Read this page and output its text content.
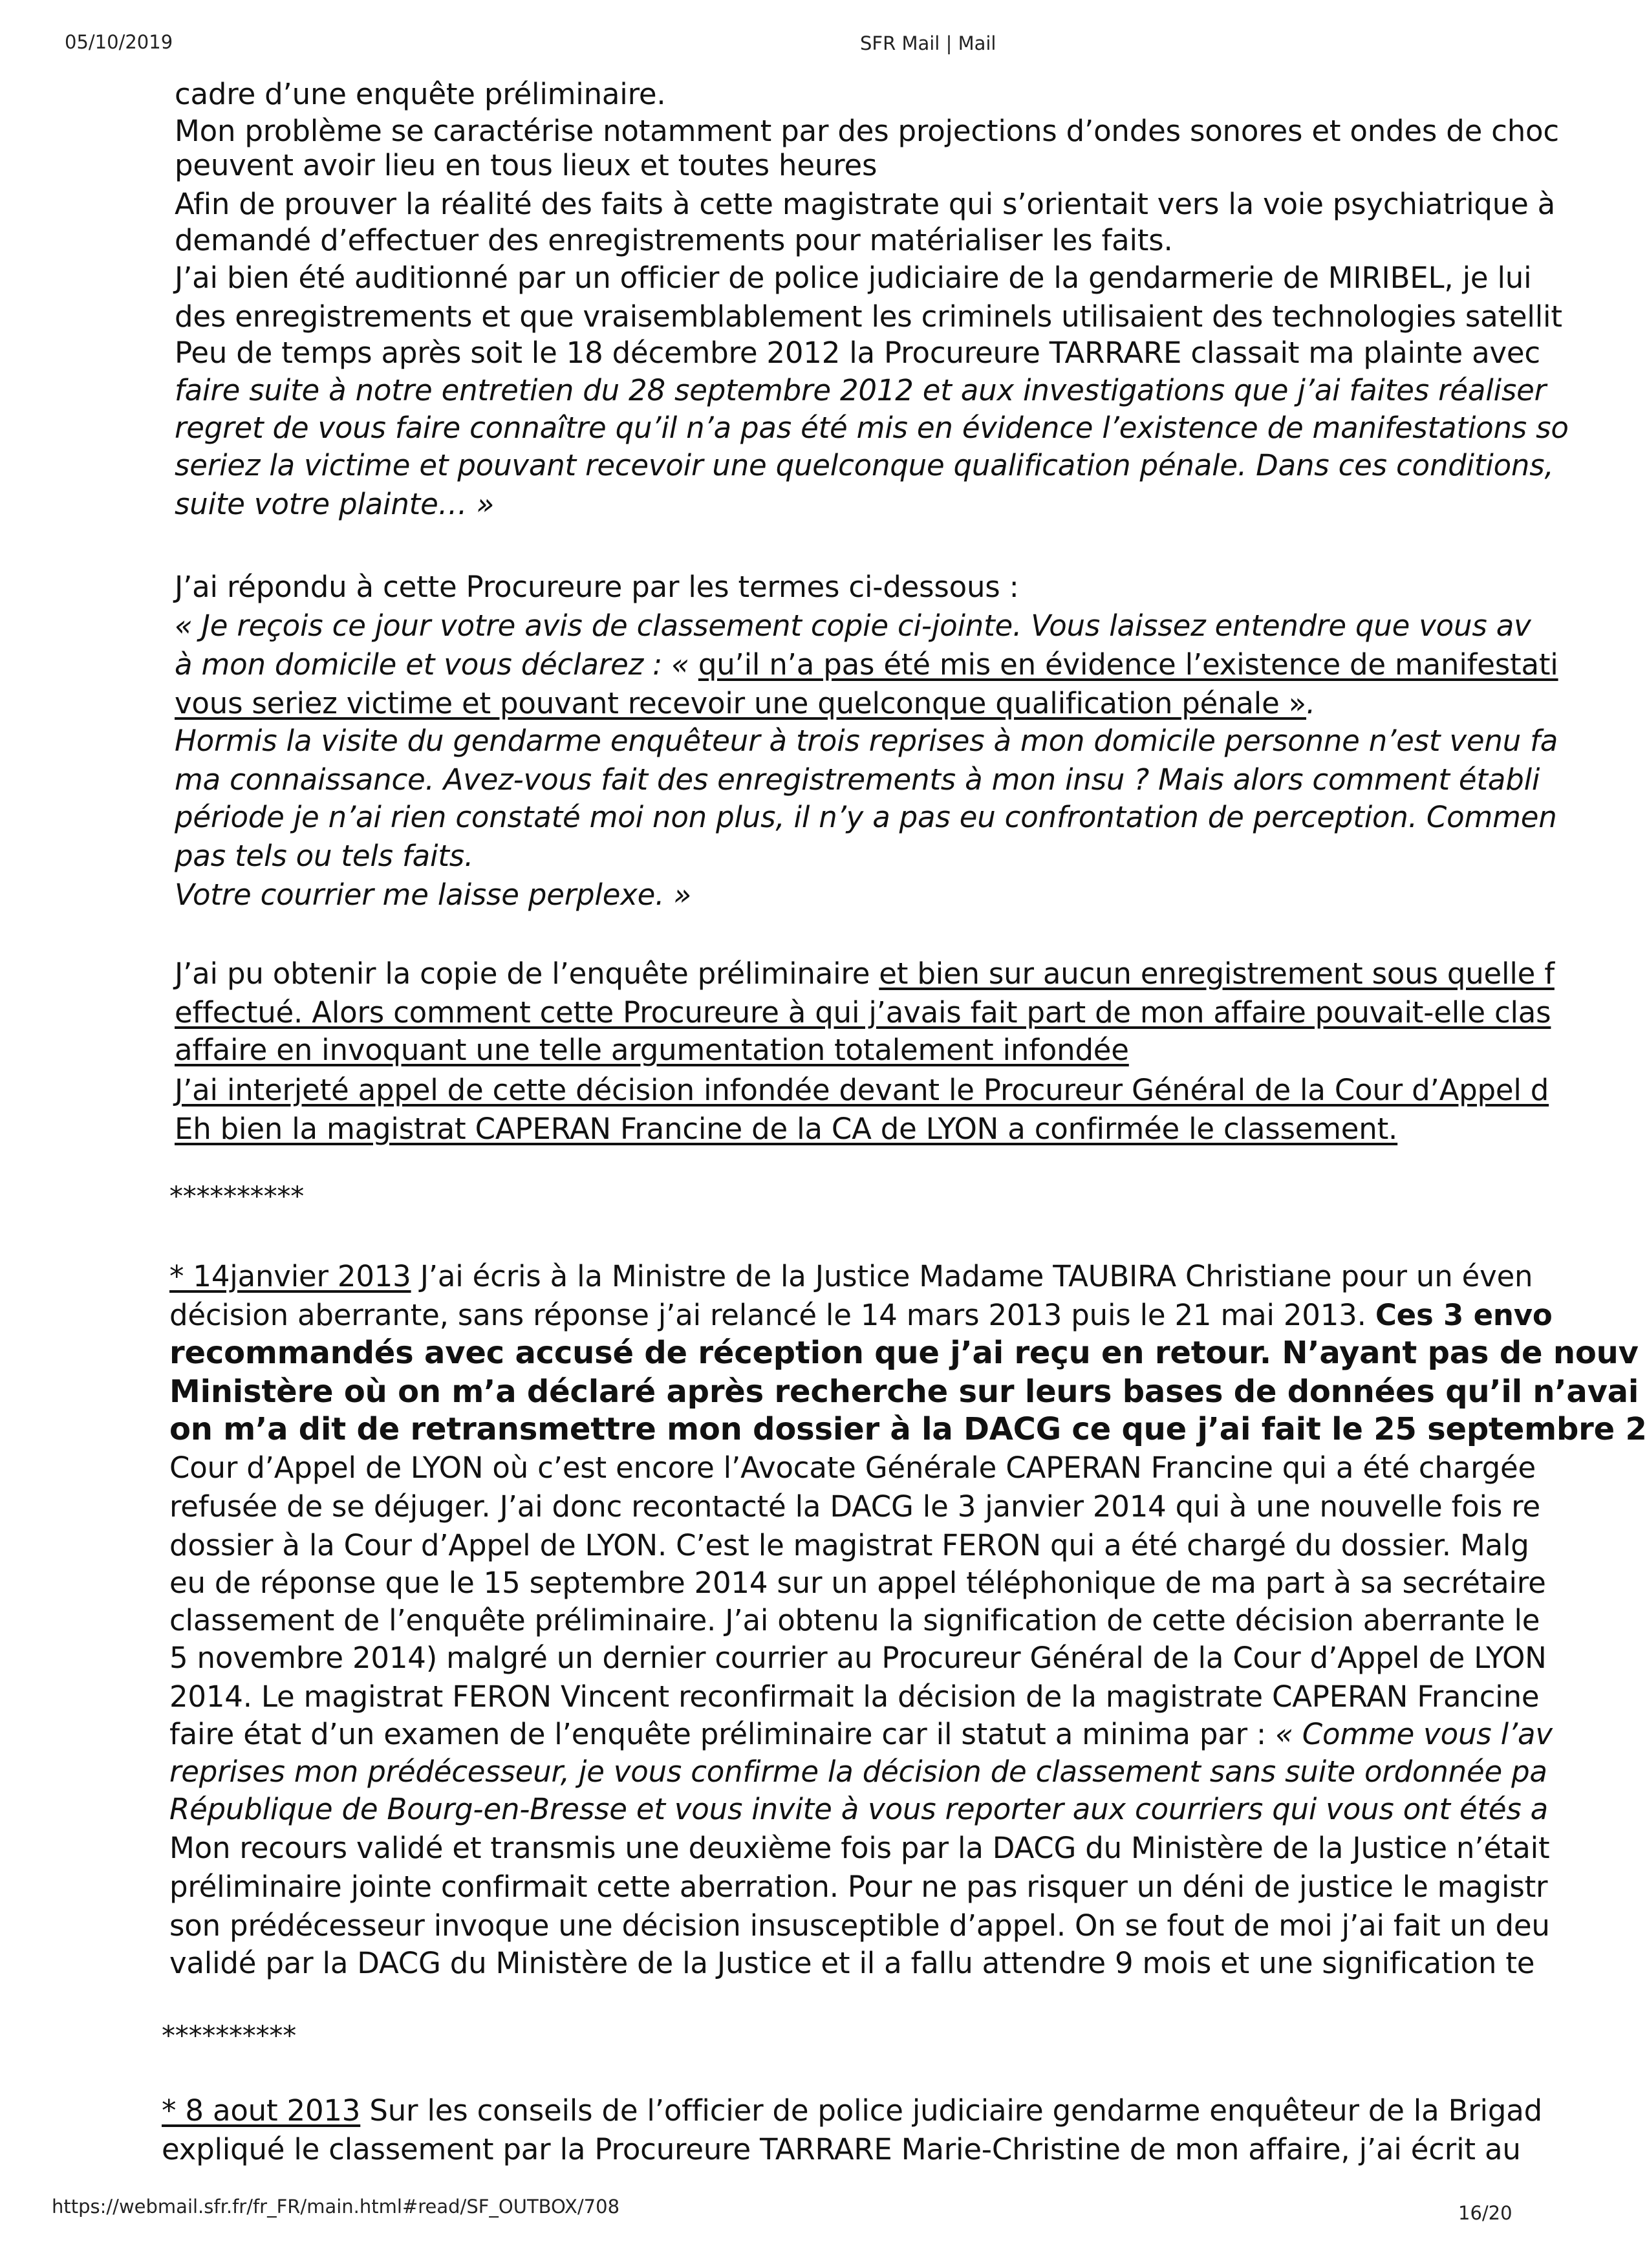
05/10/2019	SFR Mail | Mail
cadre d’une enquête préliminaire.
Mon problème se caractérise notamment par des projections d’ondes sonores et ondes de choc
peuvent avoir lieu en tous lieux et toutes heures
Afin de prouver la réalité des faits à cette magistrate qui s’orientait vers la voie psychiatrique à
demandé d’effectuer des enregistrements pour matérialiser les faits.
J’ai bien été auditionné par un officier de police judiciaire de la gendarmerie de MIRIBEL, je lui
des enregistrements et que vraisemblablement les criminels utilisaient des technologies satellit
Peu de temps après soit le 18 décembre 2012 la Procureure TARRARE classait ma plainte avec
faire suite à notre entretien du 28 septembre 2012 et aux investigations que j’ai faites réaliser
regret de vous faire connaître qu’il n’a pas été mis en évidence l’existence de manifestations so
seriez la victime et pouvant recevoir une quelconque qualification pénale. Dans ces conditions,
suite votre plainte… »
J’ai répondu à cette Procureure par les termes ci-dessous :
« Je reçois ce jour votre avis de classement copie ci-jointe. Vous laissez entendre que vous av
à mon domicile et vous déclarez : « qu’il n’a pas été mis en évidence l’existence de manifestati
vous seriez victime et pouvant recevoir une quelconque qualification pénale ».
Hormis la visite du gendarme enquêteur à trois reprises à mon domicile personne n’est venu fa
ma connaissance. Avez-vous fait des enregistrements à mon insu ? Mais alors comment établi
période je n’ai rien constaté moi non plus, il n’y a pas eu confrontation de perception. Commen
pas tels ou tels faits.
Votre courrier me laisse perplexe. »
J’ai pu obtenir la copie de l’enquête préliminaire et bien sur aucun enregistrement sous quelle f
effectué. Alors comment cette Procureure à qui j’avais fait part de mon affaire pouvait-elle clas
affaire en invoquant une telle argumentation totalement infondée
J’ai interjeté appel de cette décision infondée devant le Procureur Général de la Cour d’Appel d
Eh bien la magistrat CAPERAN Francine de la CA de LYON a confirmée le classement.
**********
* 14janvier 2013 J’ai écris à la Ministre de la Justice Madame TAUBIRA Christiane pour un éven
décision aberrante, sans réponse j’ai relancé le 14 mars 2013 puis le 21 mai 2013. Ces 3 envo
recommandés avec accusé de réception que j’ai reçu en retour. N’ayant pas de nouv
Ministère où on m’a déclaré après recherche sur leurs bases de données qu’il n’avai
on m’a dit de retransmettre mon dossier à la DACG ce que j’ai fait le 25 septembre 2
Cour d’Appel de LYON où c’est encore l’Avocate Générale CAPERAN Francine qui a été chargée
refusée de se déjuger. J’ai donc recontacté la DACG le 3 janvier 2014 qui à une nouvelle fois re
dossier à la Cour d’Appel de LYON. C’est le magistrat FERON qui a été chargé du dossier. Malg
eu de réponse que le 15 septembre 2014 sur un appel téléphonique de ma part à sa secrétaire
classement de l’enquête préliminaire. J’ai obtenu la signification de cette décision aberrante le
5 novembre 2014) malgré un dernier courrier au Procureur Général de la Cour d’Appel de LYON
2014. Le magistrat FERON Vincent reconfirmait la décision de la magistrate CAPERAN Francine
faire état d’un examen de l’enquête préliminaire car il statut a minima par : « Comme vous l’av
reprises mon prédécesseur, je vous confirme la décision de classement sans suite ordonnée pa
République de Bourg-en-Bresse et vous invite à vous reporter aux courriers qui vous ont étés a
Mon recours validé et transmis une deuxième fois par la DACG du Ministère de la Justice n’était
préliminaire jointe confirmait cette aberration. Pour ne pas risquer un déni de justice le magistr
son prédécesseur invoque une décision insusceptible d’appel. On se fout de moi j’ai fait un deu
validé par la DACG du Ministère de la Justice et il a fallu attendre 9 mois et une signification te
**********
* 8 aout 2013 Sur les conseils de l’officier de police judiciaire gendarme enquêteur de la Brigad
expliqué le classement par la Procureure TARRARE Marie-Christine de mon affaire, j’ai écrit au
https://webmail.sfr.fr/fr_FR/main.html#read/SF_OUTBOX/708	16/20
